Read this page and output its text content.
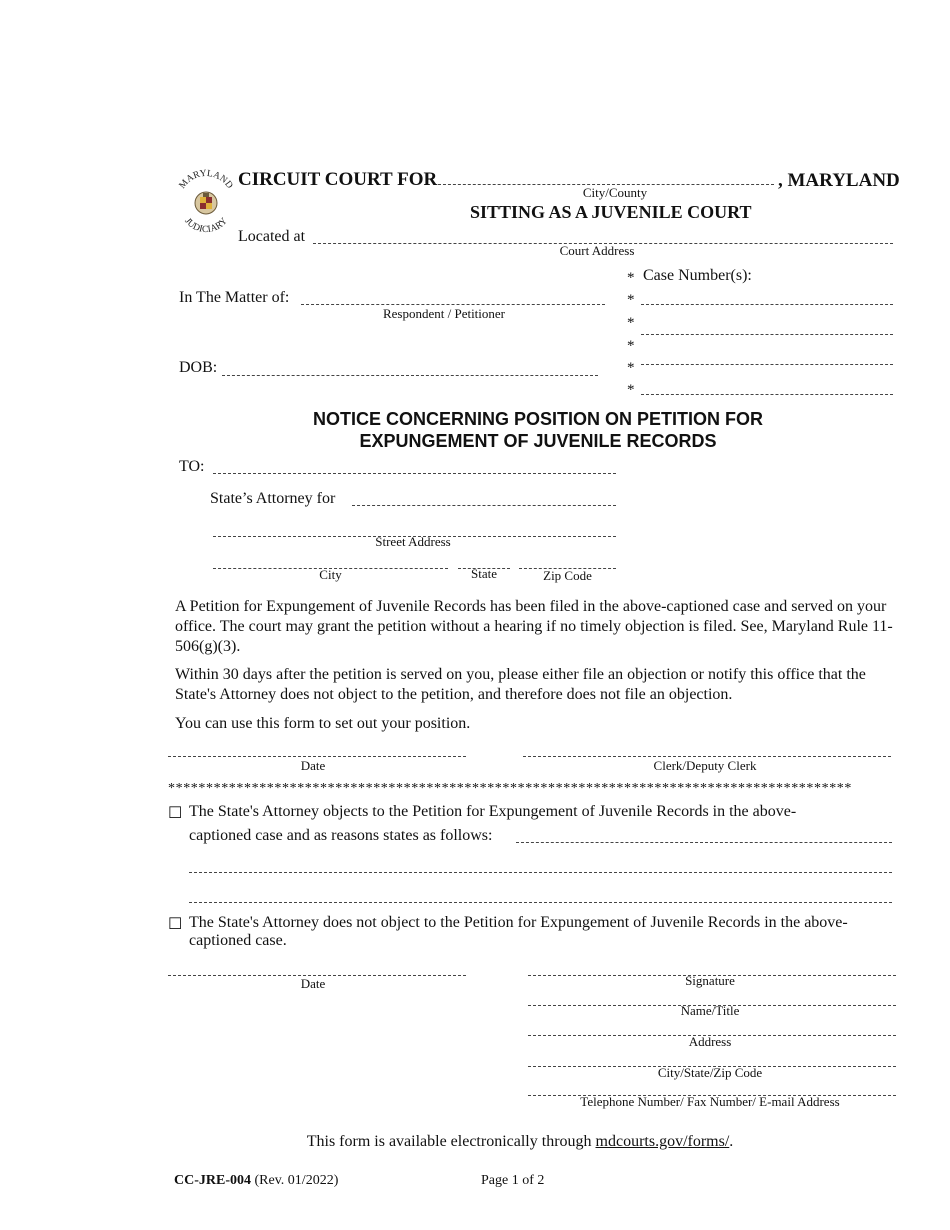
MARYLAND
JUDICIARY
CIRCUIT COURT FOR
City/County
, MARYLAND
SITTING AS A JUVENILE COURT
Located at
Court Address
In The Matter of:
Respondent / Petitioner
DOB:
* Case Number(s):
*
*
*
*
*
NOTICE CONCERNING POSITION ON PETITION FOR
EXPUNGEMENT OF JUVENILE RECORDS
TO:
State’s Attorney for
Street Address
City	State	Zip Code
A Petition for Expungement of Juvenile Records has been filed in the above-captioned case and served on your office. The court may grant the petition without a hearing if no timely objection is filed. See, Maryland Rule 11-506(g)(3).
Within 30 days after the petition is served on you, please either file an objection or notify this office that the State's Attorney does not object to the petition, and therefore does not file an objection.
You can use this form to set out your position.
Date	Clerk/Deputy Clerk
******************************************************************************************
☐ The State's Attorney objects to the Petition for Expungement of Juvenile Records in the above-
captioned case and as reasons states as follows:
☐ The State's Attorney does not object to the Petition for Expungement of Juvenile Records in the above-
captioned case.
Date	Signature
Name/Title
Address
City/State/Zip Code
Telephone Number/ Fax Number/ E-mail Address
This form is available electronically through mdcourts.gov/forms/.
CC-JRE-004 (Rev. 01/2022)	Page 1 of 2
